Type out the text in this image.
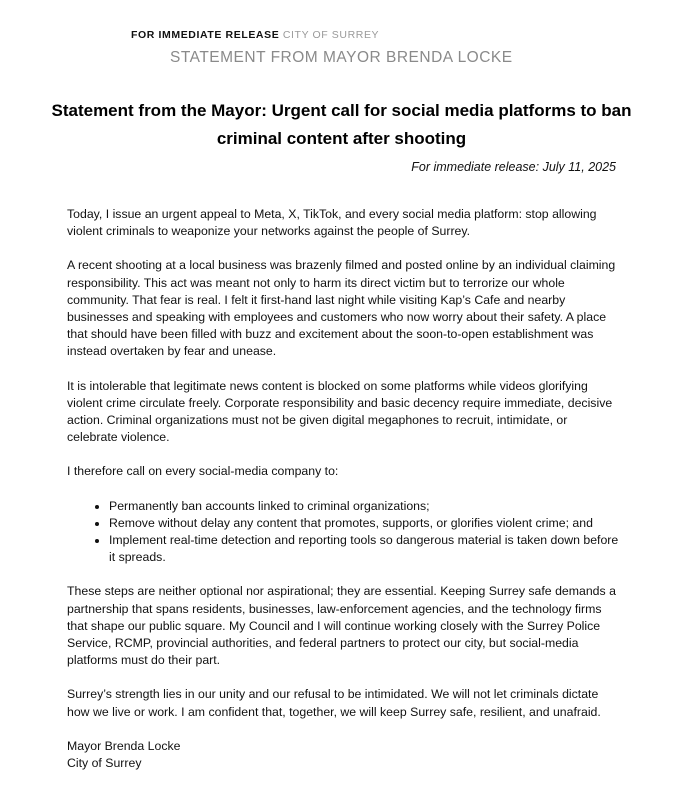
FOR IMMEDIATE RELEASE CITY OF SURREY
STATEMENT FROM MAYOR BRENDA LOCKE
Statement from the Mayor: Urgent call for social media platforms to ban criminal content after shooting
For immediate release: July 11, 2025

Today, I issue an urgent appeal to Meta, X, TikTok, and every social media platform: stop allowing violent criminals to weaponize your networks against the people of Surrey.

A recent shooting at a local business was brazenly filmed and posted online by an individual claiming responsibility. This act was meant not only to harm its direct victim but to terrorize our whole community. That fear is real. I felt it first-hand last night while visiting Kap’s Cafe and nearby businesses and speaking with employees and customers who now worry about their safety. A place that should have been filled with buzz and excitement about the soon-to-open establishment was instead overtaken by fear and unease.

It is intolerable that legitimate news content is blocked on some platforms while videos glorifying violent crime circulate freely. Corporate responsibility and basic decency require immediate, decisive action. Criminal organizations must not be given digital megaphones to recruit, intimidate, or celebrate violence.

I therefore call on every social-media company to:

• Permanently ban accounts linked to criminal organizations;
• Remove without delay any content that promotes, supports, or glorifies violent crime; and
• Implement real-time detection and reporting tools so dangerous material is taken down before it spreads.

These steps are neither optional nor aspirational; they are essential. Keeping Surrey safe demands a partnership that spans residents, businesses, law-enforcement agencies, and the technology firms that shape our public square. My Council and I will continue working closely with the Surrey Police Service, RCMP, provincial authorities, and federal partners to protect our city, but social-media platforms must do their part.

Surrey’s strength lies in our unity and our refusal to be intimidated. We will not let criminals dictate how we live or work. I am confident that, together, we will keep Surrey safe, resilient, and unafraid.

Mayor Brenda Locke
City of Surrey
